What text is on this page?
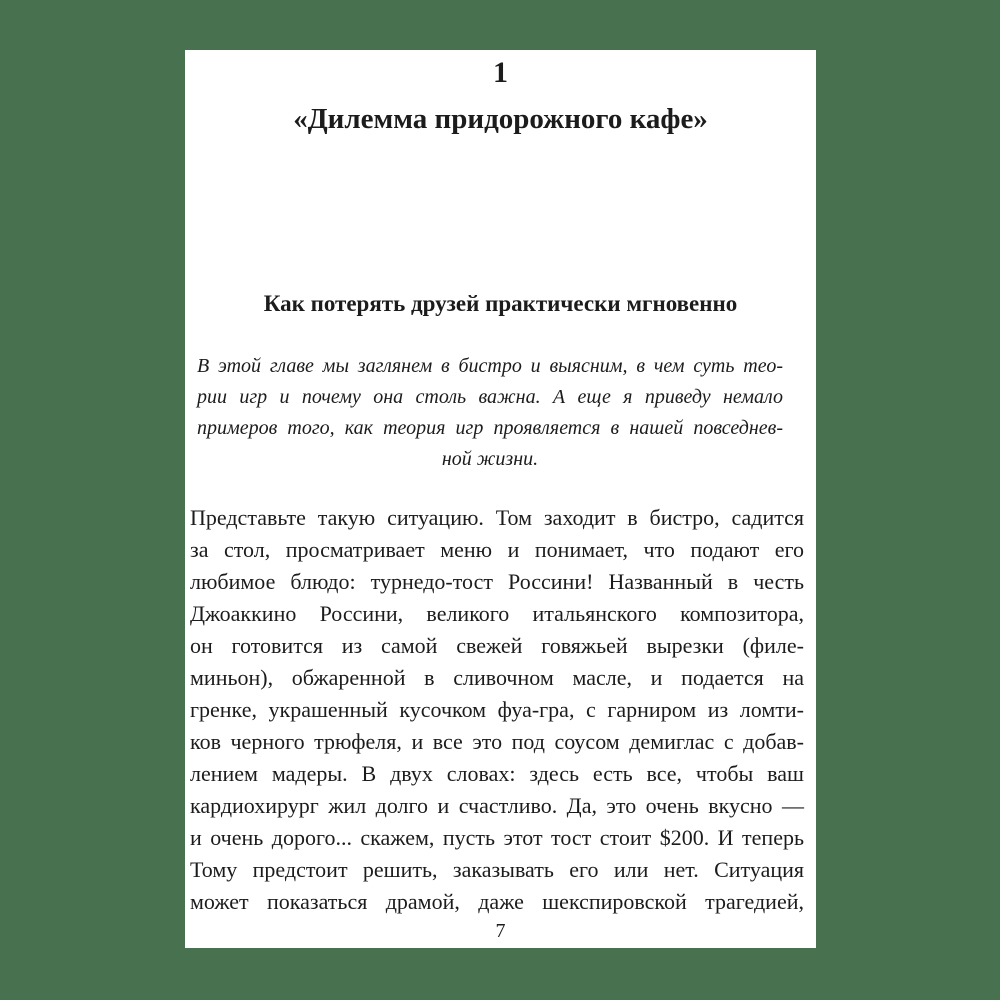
1
«Дилемма придорожного кафе»
Как потерять друзей практически мгновенно
В этой главе мы заглянем в бистро и выясним, в чем суть тео-
рии игр и почему она столь важна. А еще я приведу немало
примеров того, как теория игр проявляется в нашей повседнев-
ной жизни.
Представьте такую ситуацию. Том заходит в бистро, садится
за стол, просматривает меню и понимает, что подают его
любимое блюдо: турнедо-тост Россини! Названный в честь
Джоаккино Россини, великого итальянского композитора,
он готовится из самой свежей говяжьей вырезки (филе-
миньон), обжаренной в сливочном масле, и подается на
гренке, украшенный кусочком фуа-гра, с гарниром из ломти-
ков черного трюфеля, и все это под соусом демиглас с добав-
лением мадеры. В двух словах: здесь есть все, чтобы ваш
кардиохирург жил долго и счастливо. Да, это очень вкусно —
и очень дорого... скажем, пусть этот тост стоит $200. И теперь
Тому предстоит решить, заказывать его или нет. Ситуация
может показаться драмой, даже шекспировской трагедией,
7
